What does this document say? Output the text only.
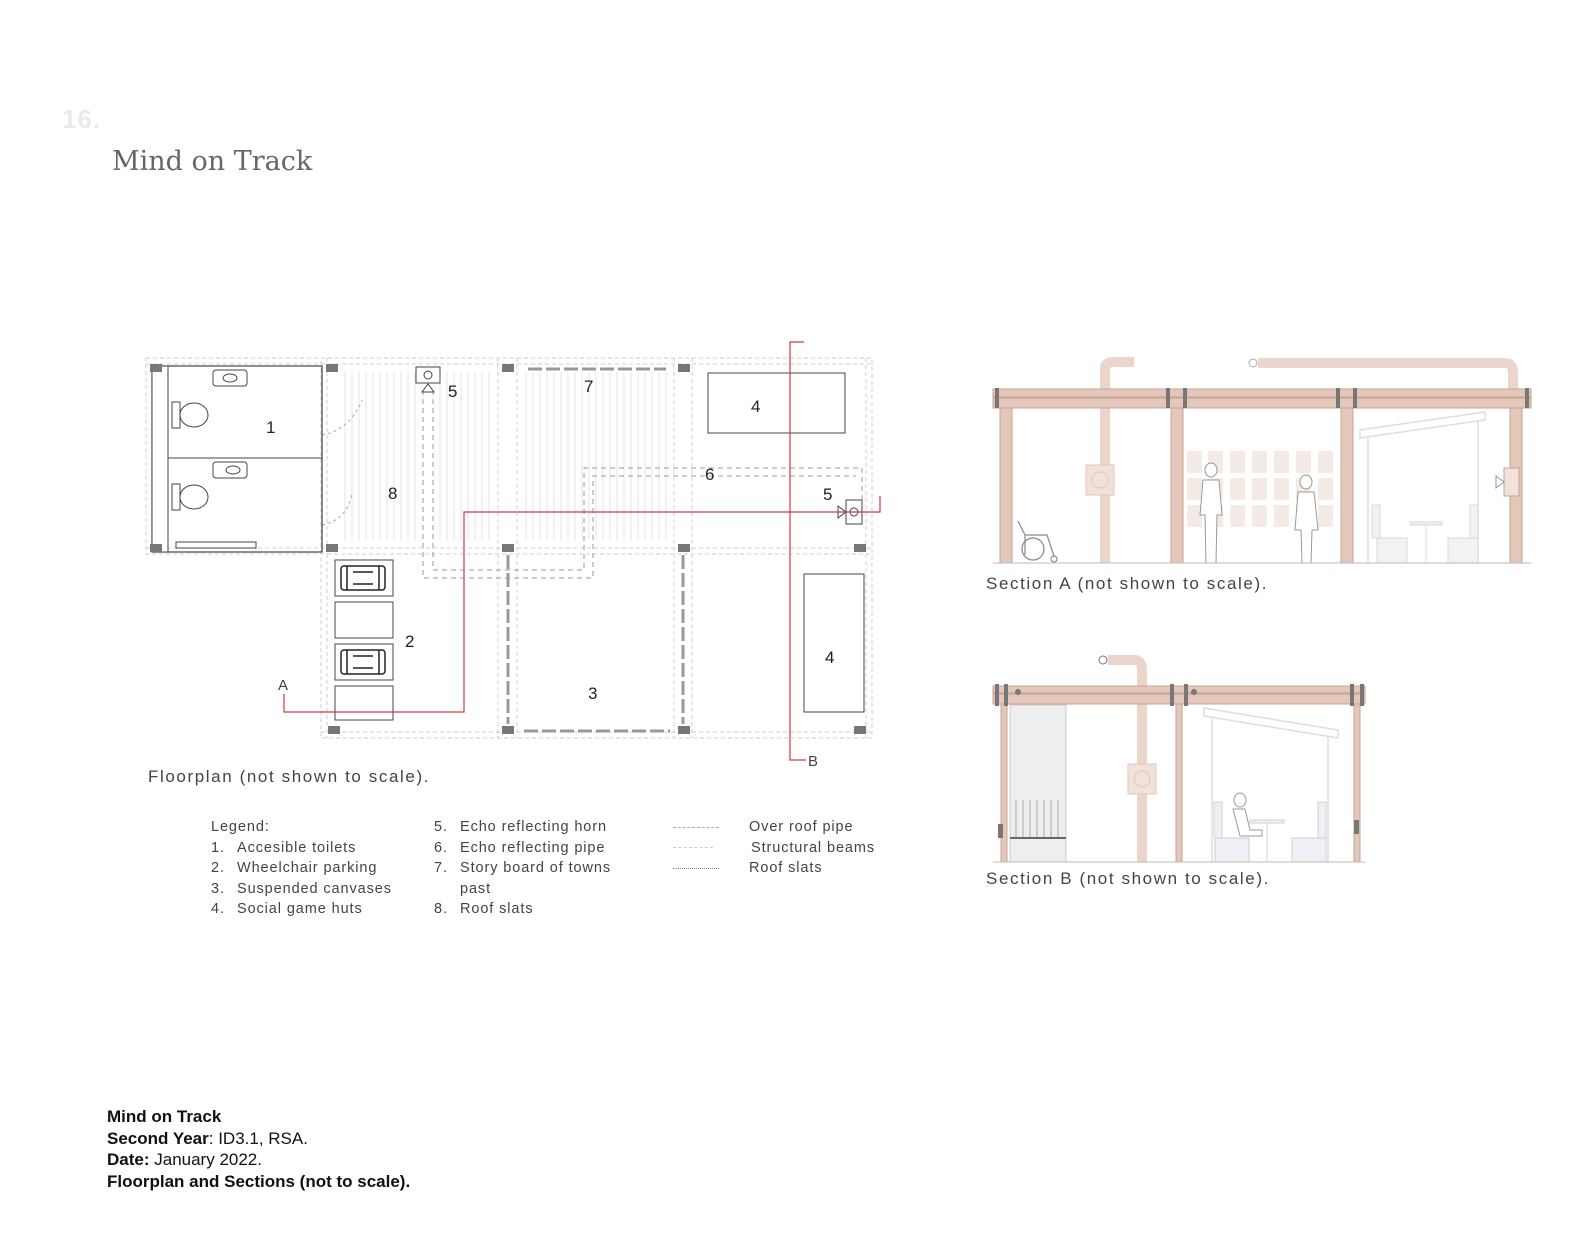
16.
Mind on Track
1
2
3
4
4
5
5
6
7
8
A
B
Floorplan (not shown to scale).
Legend:
1. Accesible toilets
2. Wheelchair parking
3. Suspended canvases
4. Social game huts
5. Echo reflecting horn
6. Echo reflecting pipe
7. Story board of towns
past
8. Roof slats
Over roof pipe
Structural beams
Roof slats
Section A (not shown to scale).
Section B (not shown to scale).
Mind on Track
Second Year: ID3.1, RSA.
Date: January 2022.
Floorplan and Sections (not to scale).
